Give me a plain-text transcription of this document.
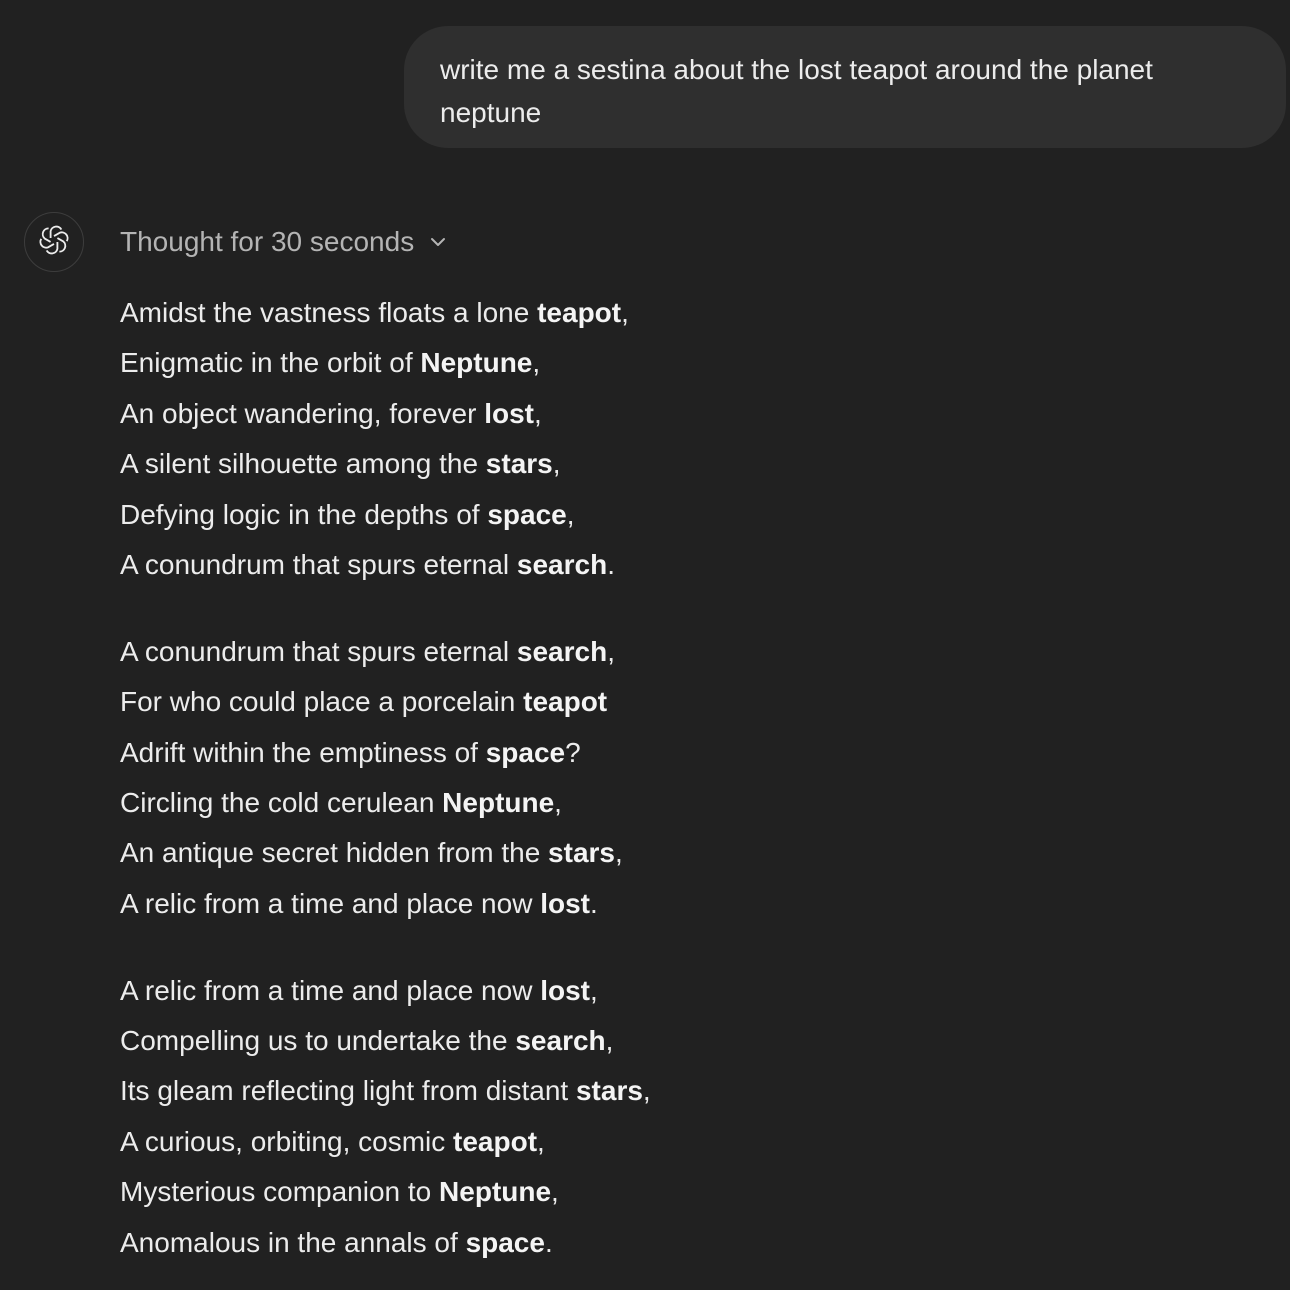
write me a sestina about the lost teapot around the planet neptune
Thought for 30 seconds
Amidst the vastness floats a lone teapot,
Enigmatic in the orbit of Neptune,
An object wandering, forever lost,
A silent silhouette among the stars,
Defying logic in the depths of space,
A conundrum that spurs eternal search.
A conundrum that spurs eternal search,
For who could place a porcelain teapot
Adrift within the emptiness of space?
Circling the cold cerulean Neptune,
An antique secret hidden from the stars,
A relic from a time and place now lost.
A relic from a time and place now lost,
Compelling us to undertake the search,
Its gleam reflecting light from distant stars,
A curious, orbiting, cosmic teapot,
Mysterious companion to Neptune,
Anomalous in the annals of space.
